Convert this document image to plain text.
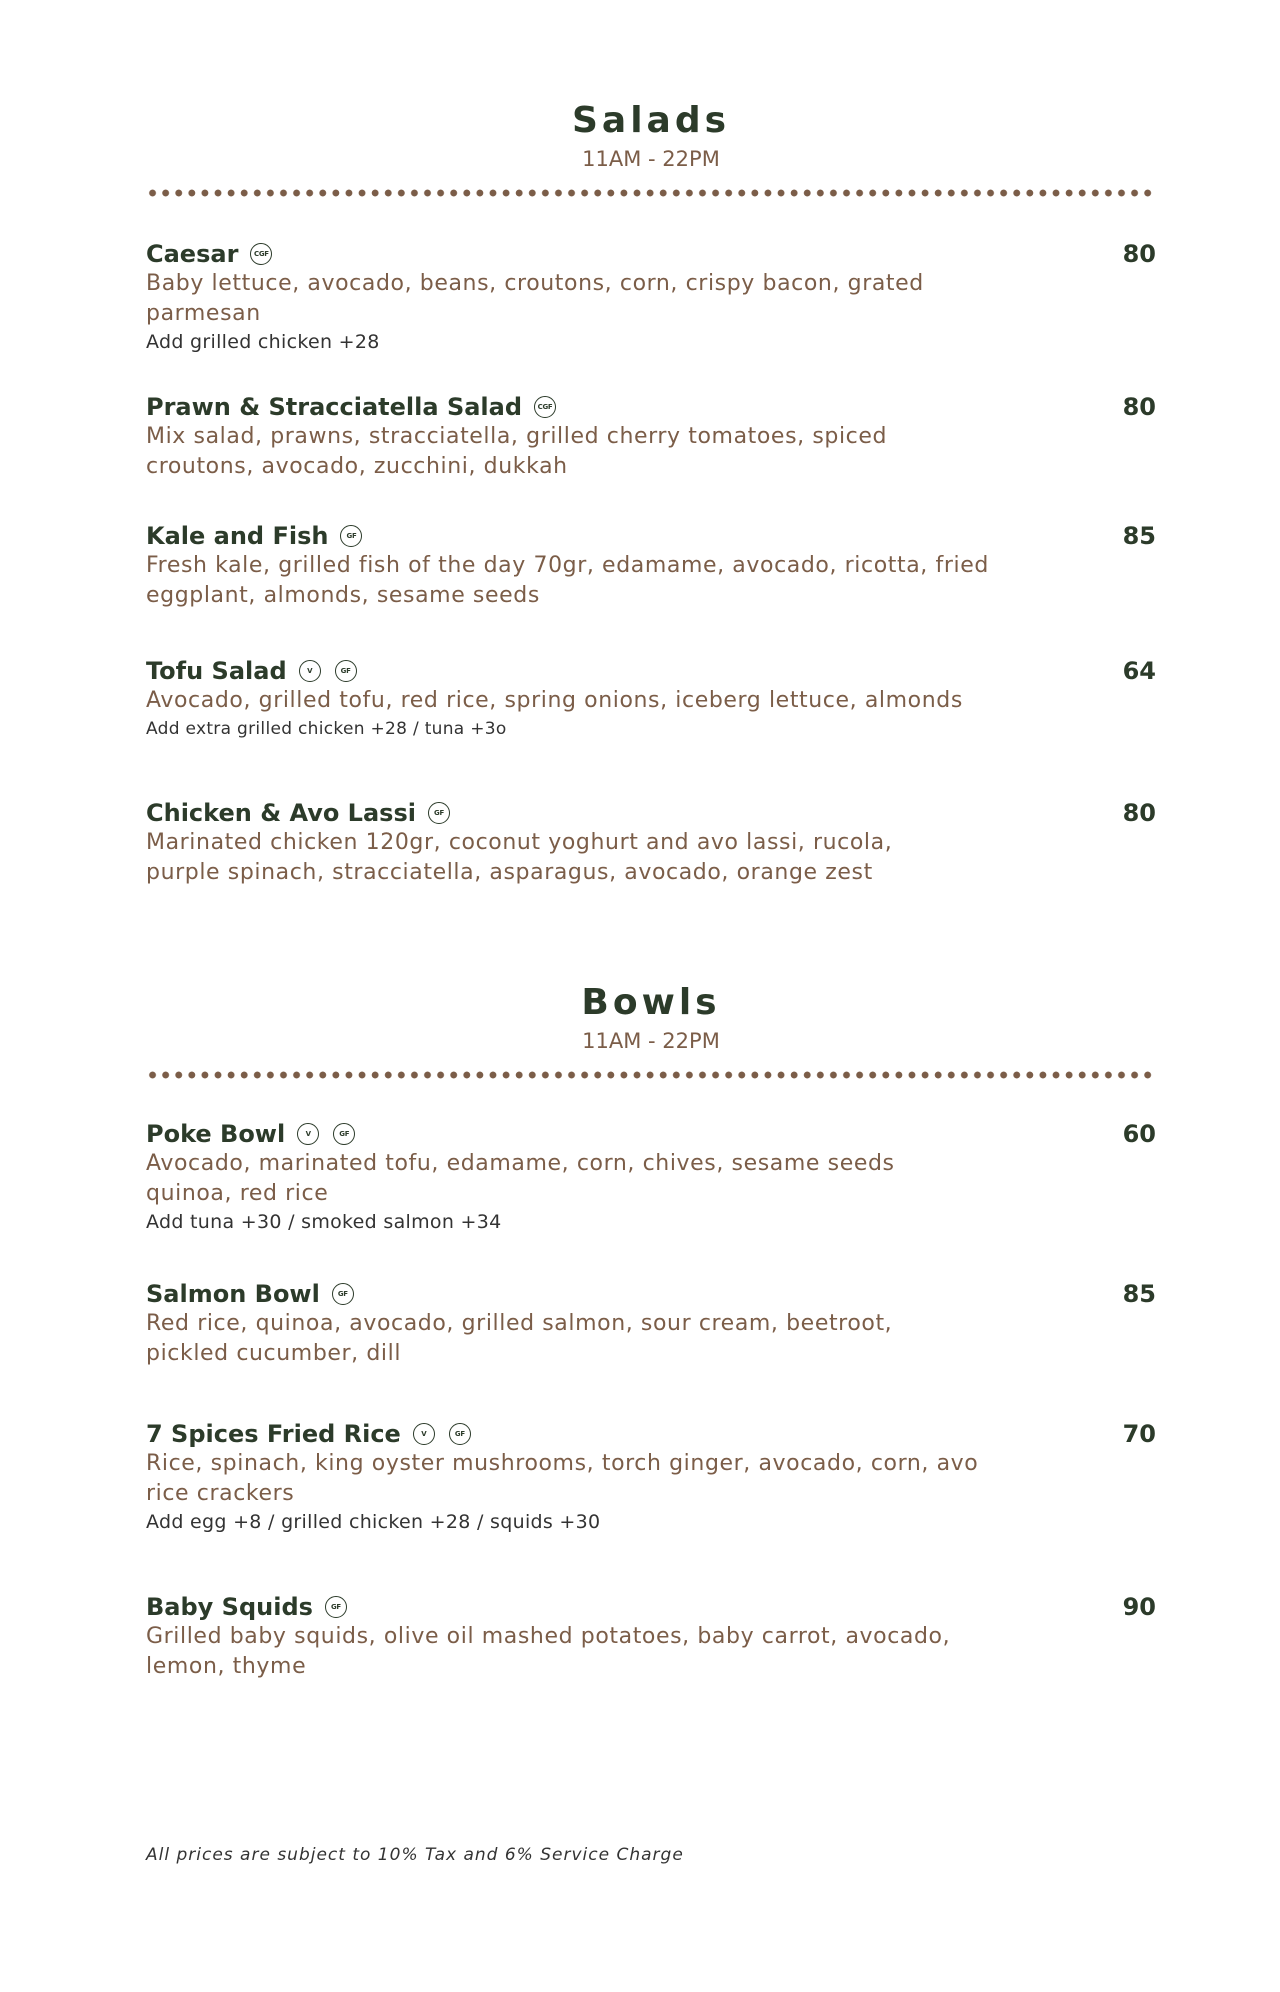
Salads
11AM - 22PM
Caesar	CGF	80
Baby lettuce, avocado, beans, croutons, corn, crispy bacon, grated parmesan
Add grilled chicken +28
Prawn & Stracciatella Salad	CGF	80
Mix salad, prawns, stracciatella, grilled cherry tomatoes, spiced croutons, avocado, zucchini, dukkah
Kale and Fish	GF	85
Fresh kale, grilled fish of the day 70gr, edamame, avocado, ricotta, fried eggplant, almonds, sesame seeds
Tofu Salad	V	GF	64
Avocado, grilled tofu, red rice, spring onions, iceberg lettuce, almonds
Add extra grilled chicken +28 / tuna +3o
Chicken & Avo Lassi	GF	80
Marinated chicken 120gr, coconut yoghurt and avo lassi, rucola, purple spinach, stracciatella, asparagus, avocado, orange zest
Bowls
11AM - 22PM
Poke Bowl	V	GF	60
Avocado, marinated tofu, edamame, corn, chives, sesame seeds quinoa, red rice
Add tuna +30 / smoked salmon +34
Salmon Bowl	GF	85
Red rice, quinoa, avocado, grilled salmon, sour cream, beetroot, pickled cucumber, dill
7 Spices Fried Rice	V	GF	70
Rice, spinach, king oyster mushrooms, torch ginger, avocado, corn, avo rice crackers
Add egg +8 / grilled chicken +28 / squids +30
Baby Squids	GF	90
Grilled baby squids, olive oil mashed potatoes, baby carrot, avocado, lemon, thyme
All prices are subject to 10% Tax and 6% Service Charge
